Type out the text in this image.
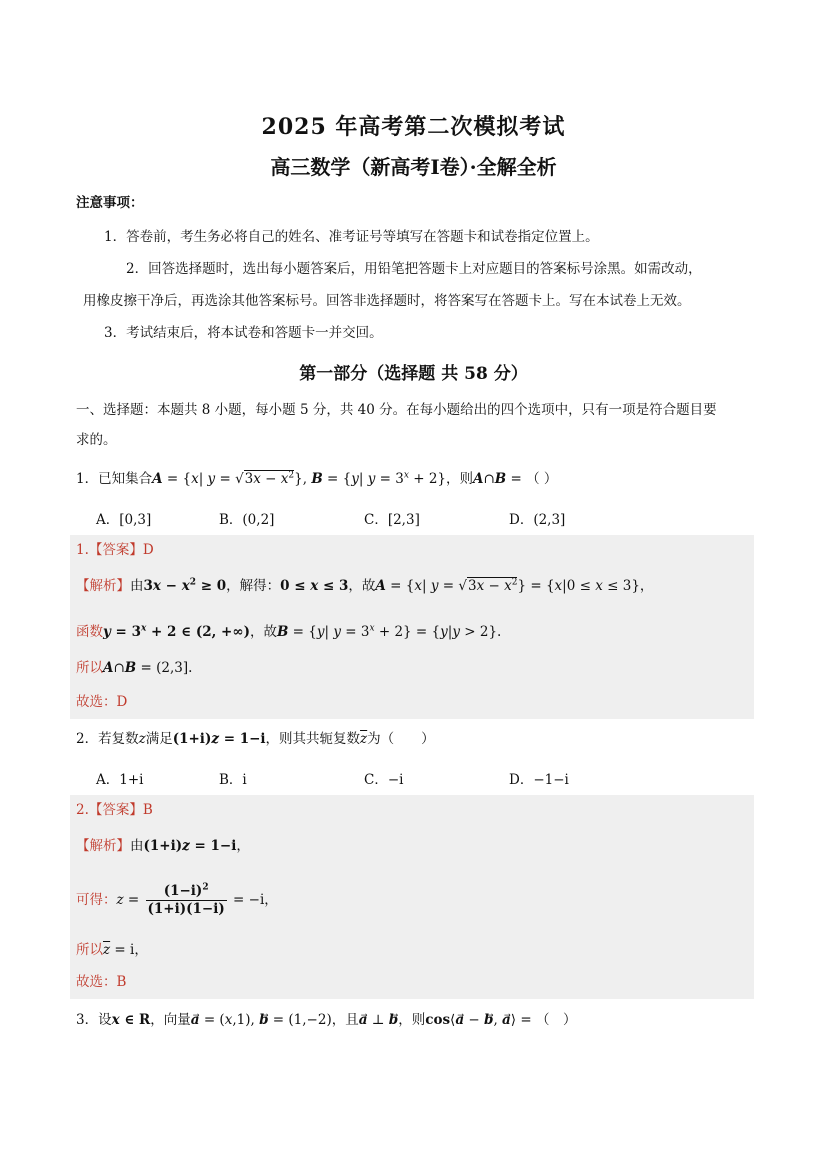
2025 年高考第二次模拟考试
高三数学（新高考Ⅰ卷）·全解全析
注意事项：
1．答卷前，考生务必将自己的姓名、准考证号等填写在答题卡和试卷指定位置上。
2．回答选择题时，选出每小题答案后，用铅笔把答题卡上对应题目的答案标号涂黑。如需改动，
用橡皮擦干净后，再选涂其他答案标号。回答非选择题时，将答案写在答题卡上。写在本试卷上无效。
3．考试结束后，将本试卷和答题卡一并交回。
第一部分（选择题 共 58 分）
一、选择题：本题共 8 小题，每小题 5 分，共 40 分。在每小题给出的四个选项中，只有一项是符合题目要
求的。
1．已知集合A = {x| $y = √3x - x^2$}, B = {y| $y = 3^x + 2$}，则A∩B = （ ）
A．[0,3]	B．(0,2]	C．[2,3]	D．(2,3]
1.【答案】D
【解析】由$3x - x^2 \ge 0$，解得：0 ≤ x ≤ 3，故A = {x| $y = √3x - x^2\} = \{x|0 \le x \le 3\}$，
函数$y = 3^x + 2$ ∈ (2, +∞)，故B = {y| $y = 3^x + 2\} = \{y|y > 2\}$.
所以A∩B = (2,3].
故选：D
2．若复数z满足(1+i)z = 1−i，则其共轭复数$\overline{z}$为（　　）
A．1+i	B．i	C．−i	D．−1−i
2.【答案】B
【解析】由(1+i)z = 1−i，
可得：$z = \frac{(1-i)^2}{(1+i)(1-i)} = -i$，
所以$\overline{z} = i$，
故选：B
3．设x ∈ R，向量a⃗ = (x,1), b⃗ = (1,−2)，且a⃗ ⊥ b，则cos⟨a⃗ − b⃗, a⃗⟩ = （　）
